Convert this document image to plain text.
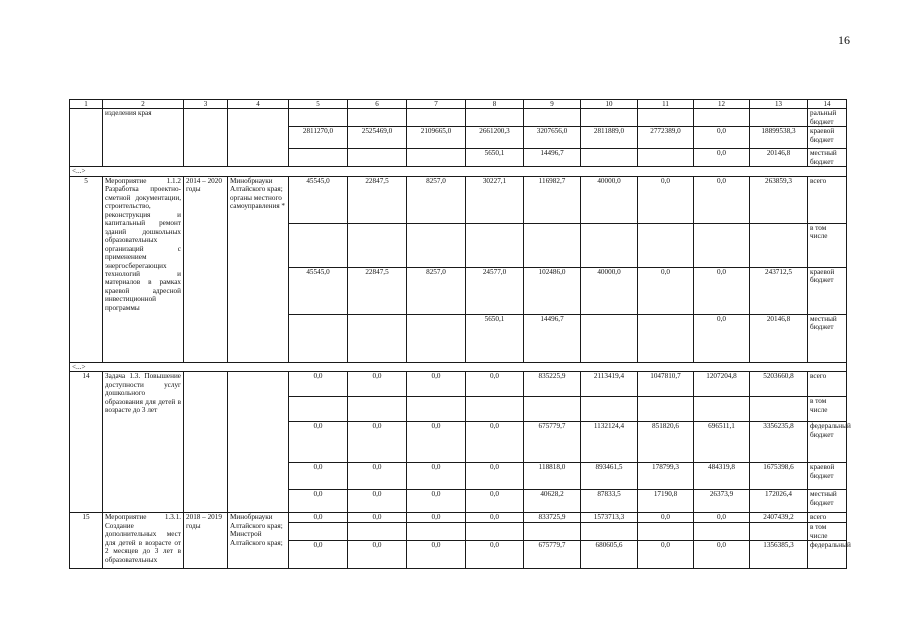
16
1	2	3	4	5	6	7	8	9	10	11	12	13	14
	изделения края												ральный бюджет
				2811270,0	2525469,0	2109665,0	2661200,3	3207656,0	2811889,0	2772389,0	0,0	18899538,3	краевой бюджет
							5650,1	14496,7			0,0	20146,8	местный бюджет
<...>													
5	Мероприятие 1.1.2 Разработка проектно-сметной документации, строительство, реконструкция и капитальный ремонт зданий дошкольных образовательных организаций с применением энергосберегающих технологий и материалов в рамках краевой адресной инвестиционной программы	2014 – 2020 годы	Минобрнауки Алтайского края; органы местного самоуправления *	45545,0	22847,5	8257,0	30227,1	116982,7	40000,0	0,0	0,0	263859,3	всего
													в том числе
				45545,0	22847,5	8257,0	24577,0	102486,0	40000,0	0,0	0,0	243712,5	краевой бюджет
							5650,1	14496,7			0,0	20146,8	местный бюджет
<...>													
14	Задача 1.3. Повышение доступности услуг дошкольного образования для детей в возрасте до 3 лет			0,0	0,0	0,0	0,0	835225,9	2113419,4	1047810,7	1207204,8	5203660,8	всего
													в том числе
				0,0	0,0	0,0	0,0	675779,7	1132124,4	851820,6	696511,1	3356235,8	федеральный бюджет
				0,0	0,0	0,0	0,0	118818,0	893461,5	178799,3	484319,8	1675398,6	краевой бюджет
				0,0	0,0	0,0	0,0	40628,2	87833,5	17190,8	26373,9	172026,4	местный бюджет
15	Мероприятие 1.3.1. Создание дополнительных мест для детей в возрасте от 2 месяцев до 3 лет в образовательных	2018 – 2019 годы	Минобрнауки Алтайского края; Минстрой Алтайского края;	0,0	0,0	0,0	0,0	833725,9	1573713,3	0,0	0,0	2407439,2	всего
													в том числе
				0,0	0,0	0,0	0,0	675779,7	680605,6	0,0	0,0	1356385,3	федеральный
